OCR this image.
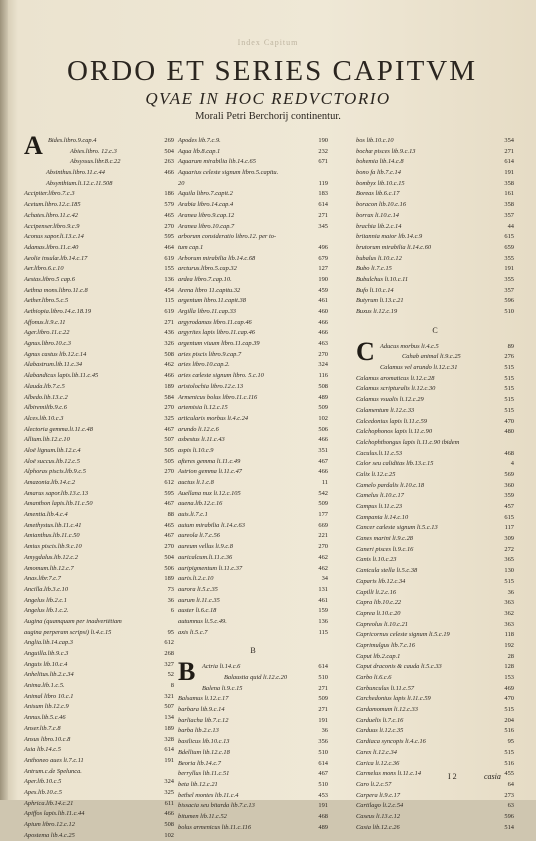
Index Capitum
ORDO ET SERIES CAPITVM
QVAE IN HOC REDVCTORIO
Morali Petri Berchorij continentur.
A Bides.libro.9.cap.4	269
Abies.libro. 12.c.3	504
Absyssus.libr.8.c.22	263
Absinthus.libro.11.c.44	466
Absynthium.li.12.c.11.508
Accipiter.libro.7.c.3	186
Acetum.libro.12.c.185	579
Achates.libro.11.c.42	465
Accipenser.libro.9.c.9	270
Aconus sapor.li.13.c.14	595
Adamas.libro.11.c.40	464
Aeolie insulæ.lib.14.c.17	619
Aer.libro.6.c.10	155
Aestas.libro.5 cap.6	136
Aethna mons.libro.11.c.8	454
Aether.libro.5.c.5	115
Aethiopia.libro.14.c.18.19	619
Affonus.li.9.c.11	271
Ager.libro.11.c.22	436
Agnus.libro.10.c.3	326
Agnus castus lib.12.c.14	508
Alabastrum.lib.11.c.34	462
Alabandicus lapis.lib.11.c.45	466
Alauda.lib.7.c.5	189
Albedo.lib.13.c.2	584
Albiremilib.9.c.6	270
Alces.lib.10.c.3	325
Alectoria gemma.li.11.c.48	467
Allium.lib.12.c.10	507
Aloë lignum.lib.12.c.4	505
Aloë succus.lib.12.c.5	505
Alphoras piscis.lib.9.c.5	270
Amazonia.lib.14.c.2	612
Amarus sapor.lib.13.c.13	595
Amanthon lapis.lib.11.c.50	467
Amentia.lib.4.c.4	88
Amethystus.lib.11.c.41	465
Amianthus.lib.11.c.50	467
Amius piscis.lib.9.c.10	270
Amygdalus.lib.12.c.2	504
Amomum.lib.12.c.7	506
Anas.libr.7.c.7	189
Ancilla.lib.3.c.10	73
Angelus lib.2.c.1	36
Angelus lib.1.c.2.	6
Augina (quamquam per inadvertētiam
augina perperam scripsi) li.4.c.15	95
Anglia.lib.14.cap.3	612
Anguilla.lib.9.c.3	268
Anguis lib.10.c.4	327
Anhelitus.lib.2.c.34	52
Anima.lib.1.c.5.	8
Animal libro 10.c.1	321
Anisum lib.12.c.9	507
Annus.lib.5.c.46	134
Anser.lib.7.c.8	189
Ansus libro.10.c.8	328
Asia lib.14.c.5	614
Anthoneo aues li.7.c.11	191
Antrum.c.de Spelunca.
Aper.lib.10.c.5	324
Apes.lib.10.c.5	325
Aphrica.lib.14.c.21	611
Apiffos lapis.lib.11.c.44	466
Apium libro.12.c.12	508
Apostema lib.4.c.25	102
Apodes lib.7.c.9.	190
Aqua lib.8.cap.1	232
Aquarum mirabilia lib.14.c.65	671
Aquarius celeste signum libro.5.capitu.
20	119
Aquila libro.7.capit.2	183
Arabia libro.14.cap.4	614
Aranea libro.9.cap.12	271
Aranea libro.10.cap.7	345
arborum consideratio libro.12. per to-
tum cap.1	496
Arborum mirabilia lib.14.c.68	679
arcturus.libro.5.cap.32	127
ardea libro.7.cap.10.	190
Arena libro 11.capitu.32	459
argentum libro.11.capit.38	461
Argilla libro.11.cap.33	460
argyrodamas libro.11.cap.46	466
argyrites lapis libro.11.cap.46	466
argentum viuum libro.11.cap.39	463
aries piscis libro.9.cap.7	270
aries libro.10.cap.2.	324
aries cæleste signum libro. 5.c.10	116
aristolochia libro.12.c.13	508
Armenicus bolus libro.11.c.116	489
artemisia li.12.c.15	509
articularis morbus li.4.c.24	102
arundo li.12.c.6	506
asbestus li.11.c.43	466
aspis li.10.c.9	351
afteres gemma li.11.c.49	467
Astrion gemma li.11.c.47	466
auctus li.1.c.8	11
Auellana nux li.12.c.105	542
auena.lib.12.c.16	509
auis.li.7.c.1	177
auium mirabilia li.14.c.63	669
aureola li.7.c.56	221
aureum vellus li.9.c.8	270
auricalcum.li.11.c.36	462
auripigmentum li.11.c.37	462
auris.li.2.c.10	34
aurora li.5.c.35	131
aurum li.11.c.35	461
auster li.6.c.18	159
autumnus li.5.c.49.	136
axis li.5.c.7	115
B
B	Actria li.14.c.6	614
Balaustia quid li.12.c.20	510
Balena li.9.c.15	271
Balsamus li.12.c.17	509
barbara lib.9.c.14	271
barliacha lib.7.c.12	191
barba lib.2.c.13	36
basilicus lib.10.c.13	356
Bdellium lib.12.c.18	510
Beoria lib.14.c.7	614
berryllus lib.11.c.51	467
beta lib.12.c.21	510
bethel montes lib.11.c.4	453
bissacia seu bitarda lib.7.c.13	191
bitumen lib.11.c.52	468
bolus armenicus lib.11.c.116	489
bos lib.10.c.10	354
bochæ pisces lib.9.c.13	271
bohemia lib.14.c.8	614
bono fa lib.7.c.14	191
bombyx lib.10.c.15	358
Boreas lib.6.c.17	161
boracon lib.10.c.16	358
borrax li.10.c.14	357
brachia lib.2.c.14	44
britannia maior lib.14.c.9	615
brutorum mirabilia li.14.c.60	659
bubalus li.10.c.12	355
Bubo li.7.c.15	191
Bubulchus li.10.c.11	355
Bufo li.10.c.14	357
Butyrum li.13.c.21	596
Buxus li.12.c.19	510
C
C Aducus morbus li.4.c.5	89
Cahab animal li.9.c.25	276
Calamus vel arundo li.12.c.31	515
Calamus aromaticus li.12.c.28	515
Calamus scripturalis li.12.c.30	515
Calamus vsualis li.12.c.29	515
Calamentum li.12.c.33	515
Calcedonius lapis li.11.c.59	470
Calchophonos lapis li.11.c.90	480
Calchophthongus lapis li.11.c.90 ibidem
Caculus.li.11.c.53	468
Calor seu caliditas lib.13.c.15	4
Calix li.12.c.25	569
Camelo pardalis li.10.c.18	360
Camelus li.10.c.17	359
Campus li.11.c.23	457
Campania li.14.c.10	615
Cancer cæleste signum li.5.c.13	117
Canes marini li.9.c.28	309
Caneri pisces li.9.c.16	272
Canis li.10.c.23	365
Canicula stella li.5.c.38	130
Caparis lib.12.c.34	515
Capilli li.2.c.16	36
Capra lib.10.c.22	363
Caprea li.10.c.20	362
Capreolus li.10.c.21	363
Capricornus celeste signum li.5.c.19	118
Caprimulgus lib.7.c.16	192
Caput lib.2.cap.1	28
Caput draconis & cauda li.5.c.33	128
Carbo li.6.c.6	153
Carbunculus li.11.c.57	469
Carchedonius lapis li.11.c.59	470
Cardamomum li.12.c.33	515
Carduelis li.7.c.16	204
Carduus li.12.c.35	516
Cardiaca syncopis li.4.c.16	95
Carex li.12.c.34	515
Carica li.12.c.36	516
Carmelus mons li.11.c.14	455
Caro li.2.c.57	64
Carpera li.9.c.17	273
Cartilago li.2.c.54	63
Caseus li.13.c.12	596
Casia lib.12.c.26	514
I 2	casia
